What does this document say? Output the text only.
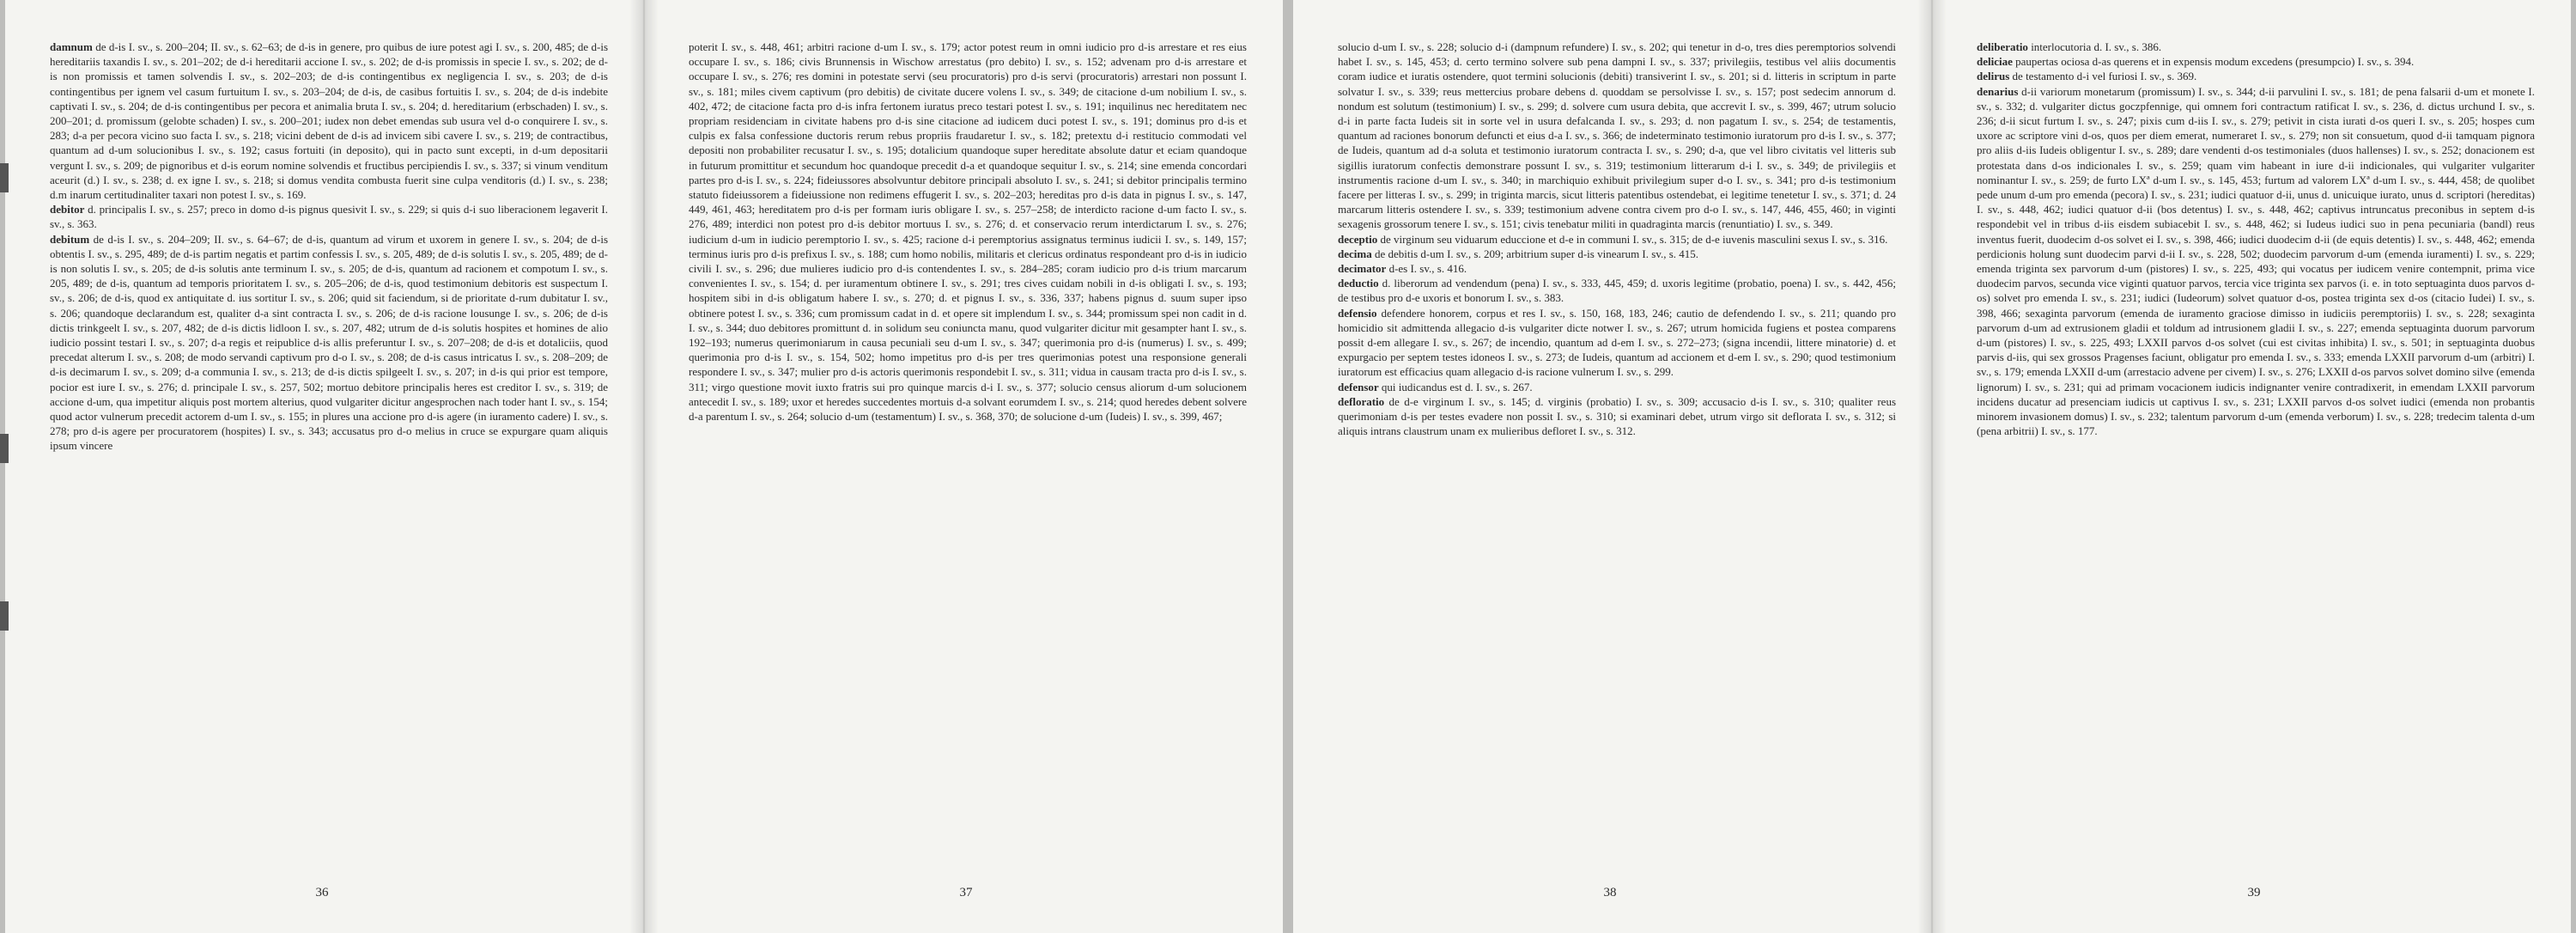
damnum de d-is I. sv., s. 200–204; II. sv., s. 62–63; de d-is in genere, pro quibus de iure potest agi I. sv., s. 200, 485; de d-is hereditariis taxandis I. sv., s. 201–202; de d-i hereditarii accione I. sv., s. 202; de d-is promissis in specie I. sv., s. 202; de d-is non promissis et tamen solvendis I. sv., s. 202–203; de d-is contingentibus ex negligencia I. sv., s. 203; de d-is contingentibus per ignem vel casum furtuitum I. sv., s. 203–204; de d-is, de casibus fortuitis I. sv., s. 204; de d-is indebite captivati I. sv., s. 204; de d-is contingentibus per pecora et animalia bruta I. sv., s. 204; d. hereditarium (erbschaden) I. sv., s. 200–201; d. promissum (gelobte schaden) I. sv., s. 200–201; iudex non debet emendas sub usura vel d-o conquirere I. sv., s. 283; d-a per pecora vicino suo facta I. sv., s. 218; vicini debent de d-is ad invicem sibi cavere I. sv., s. 219; de contractibus, quantum ad d-um solucionibus I. sv., s. 192; casus fortuiti (in deposito), qui in pacto sunt excepti, in d-um depositarii vergunt I. sv., s. 209; de pignoribus et d-is eorum nomine solvendis et fructibus percipiendis I. sv., s. 337; si vinum venditum aceurit (d.) I. sv., s. 238; d. ex igne I. sv., s. 218; si domus vendita combusta fuerit sine culpa venditoris (d.) I. sv., s. 238; d.m inarum certitudinaliter taxari non potest I. sv., s. 169.

debitor d. principalis I. sv., s. 257; preco in domo d-is pignus quesivit I. sv., s. 229; si quis d-i suo liberacionem legaverit I. sv., s. 363.

debitum de d-is I. sv., s. 204–209; II. sv., s. 64–67; de d-is, quantum ad virum et uxorem in genere I. sv., s. 204; de d-is obtentis I. sv., s. 295, 489; de d-is partim negatis et partim confessis I. sv., s. 205, 489; de d-is solutis I. sv., s. 205, 489; de d-is non solutis I. sv., s. 205; de d-is solutis ante terminum I. sv., s. 205; de d-is, quantum ad racionem et compotum I. sv., s. 205, 489; de d-is, quantum ad temporis prioritatem I. sv., s. 205–206; de d-is, quod testimonium debitoris est suspectum I. sv., s. 206; de d-is, quod ex antiquitate d. ius sortitur I. sv., s. 206; quid sit faciendum, si de prioritate d-rum dubitatur I. sv., s. 206; quandoque declarandum est, qualiter d-a sint contracta I. sv., s. 206; de d-is racione lousunge I. sv., s. 206; de d-is dictis trinkgeelt I. sv., s. 207, 482; de d-is dictis lidloon I. sv., s. 207, 482; utrum de d-is solutis hospites et homines de alio iudicio possint testari I. sv., s. 207; d-a regis et reipublice d-is allis preferuntur I. sv., s. 207–208; de d-is et dotaliciis, quod precedat alterum I. sv., s. 208; de modo servandi captivum pro d-o I. sv., s. 208; de d-is casus intricatus I. sv., s. 208–209; de d-is decimarum I. sv., s. 209; d-a communia I. sv., s. 213; de d-is dictis spilgeelt I. sv., s. 207; in d-is qui prior est tempore, pocior est iure I. sv., s. 276; d. principale I. sv., s. 257, 502; mortuo debitore principalis heres est creditor I. sv., s. 319; de accione d-um, qua impetitur aliquis post mortem alterius, quod vulgariter dicitur angesprochen nach toder hant I. sv., s. 154; quod actor vulnerum precedit actorem d-um I. sv., s. 155; in plures una accione pro d-is agere (in iuramento cadere) I. sv., s. 278; pro d-is agere per procuratorem (hospites) I. sv., s. 343; accusatus pro d-o melius in cruce se expurgare quam aliquis ipsum vincere

36

poterit I. sv., s. 448, 461; arbitri racione d-um I. sv., s. 179; actor potest reum in omni iudicio pro d-is arrestare et res eius occupare I. sv., s. 186; civis Brunnensis in Wischow arrestatus (pro debito) I. sv., s. 152; advenam pro d-is arrestare et occupare I. sv., s. 276; res domini in potestate servi (seu procuratoris) pro d-is servi (procuratoris) arrestari non possunt I. sv., s. 181; miles civem captivum (pro debitis) de civitate ducere volens I. sv., s. 349; de citacione d-um nobilium I. sv., s. 402, 472; de citacione facta pro d-is infra fertonem iuratus preco testari potest I. sv., s. 191; inquilinus nec hereditatem nec propriam residenciam in civitate habens pro d-is sine citacione ad iudicem duci potest I. sv., s. 191; dominus pro d-is et culpis ex falsa confessione ductoris rerum rebus propriis fraudaretur I. sv., s. 182; pretextu d-i restitucio commodati vel depositi non probabiliter recusatur I. sv., s. 195; dotalicium quandoque super hereditate absolute datur et eciam quandoque in futurum promittitur et secundum hoc quandoque precedit d-a et quandoque sequitur I. sv., s. 214; sine emenda concordari partes pro d-is I. sv., s. 224; fideiussores absolvuntur debitore principali absoluto I. sv., s. 241; si debitor principalis termino statuto fideiussorem a fideiussione non redimens effugerit I. sv., s. 202–203; hereditas pro d-is data in pignus I. sv., s. 147, 449, 461, 463; hereditatem pro d-is per formam iuris obligare I. sv., s. 257–258; de interdicto racione d-um facto I. sv., s. 276, 489; interdici non potest pro d-is debitor mortuus I. sv., s. 276; d. et conservacio rerum interdictarum I. sv., s. 276; iudicium d-um in iudicio peremptorio I. sv., s. 425; racione d-i peremptorius assignatus terminus iudicii I. sv., s. 149, 157; terminus iuris pro d-is prefixus I. sv., s. 188; cum homo nobilis, militaris et clericus ordinatus respondeant pro d-is in iudicio civili I. sv., s. 296; due mulieres iudicio pro d-is contendentes I. sv., s. 284–285; coram iudicio pro d-is trium marcarum convenientes I. sv., s. 154; d. per iuramentum obtinere I. sv., s. 291; tres cives cuidam nobili in d-is obligati I. sv., s. 193; hospitem sibi in d-is obligatum habere I. sv., s. 270; d. et pignus I. sv., s. 336, 337; habens pignus d. suum super ipso obtinere potest I. sv., s. 336; cum promissum cadat in d. et opere sit implendum I. sv., s. 344; promissum spei non cadit in d. I. sv., s. 344; duo debitores promittunt d. in solidum seu coniuncta manu, quod vulgariter dicitur mit gesampter hant I. sv., s. 192–193; numerus querimoniarum in causa pecuniali seu d-um I. sv., s. 347; querimonia pro d-is (numerus) I. sv., s. 499; querimonia pro d-is I. sv., s. 154, 502; homo impetitus pro d-is per tres querimonias potest una responsione generali respondere I. sv., s. 347; mulier pro d-is actoris querimonis respondebit I. sv., s. 311; vidua in causam tracta pro d-is I. sv., s. 311; virgo questione movit iuxto fratris sui pro quinque marcis d-i I. sv., s. 377; solucio census aliorum d-um solucionem antecedit I. sv., s. 189; uxor et heredes succedentes mortuis d-a solvant eorumdem I. sv., s. 214; quod heredes debent solvere d-a parentum I. sv., s. 264; solucio d-um (testamentum) I. sv., s. 368, 370; de solucione d-um (Iudeis) I. sv., s. 399, 467;

37

solucio d-um I. sv., s. 228; solucio d-i (dampnum refundere) I. sv., s. 202; qui tenetur in d-o, tres dies peremptorios solvendi habet I. sv., s. 145, 453; d. certo termino solvere sub pena dampni I. sv., s. 337; privilegiis, testibus vel aliis documentis coram iudice et iuratis ostendere, quot termini solucionis (debiti) transiverint I. sv., s. 201; si d. litteris in scriptum in parte solvatur I. sv., s. 339; reus mettercius probare debens d. quoddam se persolvisse I. sv., s. 157; post sedecim annorum d. nondum est solutum (testimonium) I. sv., s. 299; d. solvere cum usura debita, que accrevit I. sv., s. 399, 467; utrum solucio d-i in parte facta Iudeis sit in sorte vel in usura defalcanda I. sv., s. 293; d. non pagatum I. sv., s. 254; de testamentis, quantum ad raciones bonorum defuncti et eius d-a I. sv., s. 366; de indeterminato testimonio iuratorum pro d-is I. sv., s. 377; de Iudeis, quantum ad d-a soluta et testimonio iuratorum contracta I. sv., s. 290; d-a, que vel libro civitatis vel litteris sub sigillis iuratorum confectis demonstrare possunt I. sv., s. 319; testimonium litterarum d-i I. sv., s. 349; de privilegiis et instrumentis racione d-um I. sv., s. 340; in marchiquio exhibuit privilegium super d-o I. sv., s. 341; pro d-is testimonium facere per litteras I. sv., s. 299; in triginta marcis, sicut litteris patentibus ostendebat, ei legitime tenetetur I. sv., s. 371; d. 24 marcarum litteris ostendere I. sv., s. 339; testimonium advene contra civem pro d-o I. sv., s. 147, 446, 455, 460; in viginti sexagenis grossorum tenere I. sv., s. 151; civis tenebatur militi in quadraginta marcis (renuntiatio) I. sv., s. 349.

deceptio de virginum seu viduarum educcione et d-e in communi I. sv., s. 315; de d-e iuvenis masculini sexus I. sv., s. 316.

decima de debitis d-um I. sv., s. 209; arbitrium super d-is vinearum I. sv., s. 415.

decimator d-es I. sv., s. 416.

deductio d. liberorum ad vendendum (pena) I. sv., s. 333, 445, 459; d. uxoris legitime (probatio, poena) I. sv., s. 442, 456; de testibus pro d-e uxoris et bonorum I. sv., s. 383.

defensio defendere honorem, corpus et res I. sv., s. 150, 168, 183, 246; cautio de defendendo I. sv., s. 211; quando pro homicidio sit admittenda allegacio d-is vulgariter dicte notwer I. sv., s. 267; utrum homicida fugiens et postea comparens possit d-em allegare I. sv., s. 267; de incendio, quantum ad d-em I. sv., s. 272–273; (signa incendii, littere minatorie) d. et expurgacio per septem testes idoneos I. sv., s. 273; de Iudeis, quantum ad accionem et d-em I. sv., s. 290; quod testimonium iuratorum est efficacius quam allegacio d-is racione vulnerum I. sv., s. 299.

defensor qui iudicandus est d. I. sv., s. 267.

defloratio de d-e virginum I. sv., s. 145; d. virginis (probatio) I. sv., s. 309; accusacio d-is I. sv., s. 310; qualiter reus querimoniam d-is per testes evadere non possit I. sv., s. 310; si examinari debet, utrum virgo sit deflorata I. sv., s. 312; si aliquis intrans claustrum unam ex mulieribus defloret I. sv., s. 312.

38

deliberatio interlocutoria d. I. sv., s. 386.

deliciae paupertas ociosa d-as querens et in expensis modum excedens (presumpcio) I. sv., s. 394.

delirus de testamento d-i vel furiosi I. sv., s. 369.

denarius d-ii variorum monetarum (promissum) I. sv., s. 344; d-ii parvulini I. sv., s. 181; de pena falsarii d-um et monete I. sv., s. 332; d. vulgariter dictus goczpfennige, qui omnem fori contractum ratificat I. sv., s. 236, d. dictus urchund I. sv., s. 236; d-ii sicut furtum I. sv., s. 247; pixis cum d-iis I. sv., s. 279; petivit in cista iurati d-os queri I. sv., s. 205; hospes cum uxore ac scriptore vini d-os, quos per diem emerat, numeraret I. sv., s. 279; non sit consuetum, quod d-ii tamquam pignora pro aliis d-iis Iudeis obligentur I. sv., s. 289; dare vendenti d-os testimoniales (duos hallenses) I. sv., s. 252; donacionem est protestata dans d-os indicionales I. sv., s. 259; quam vim habeant in iure d-ii indicionales, qui vulgariter vulgariter nominantur I. sv., s. 259; de furto LXª d-um I. sv., s. 145, 453; furtum ad valorem LXª d-um I. sv., s. 444, 458; de quolibet pede unum d-um pro emenda (pecora) I. sv., s. 231; iudici quatuor d-ii, unus d. unicuique iurato, unus d. scriptori (hereditas) I. sv., s. 448, 462; iudici quatuor d-ii (bos detentus) I. sv., s. 448, 462; captivus intruncatus preconibus in septem d-is respondebit vel in tribus d-iis eisdem subiacebit I. sv., s. 448, 462; si Iudeus iudici suo in pena pecuniaria (bandl) reus inventus fuerit, duodecim d-os solvet ei I. sv., s. 398, 466; iudici duodecim d-ii (de equis detentis) I. sv., s. 448, 462; emenda perdicionis holung sunt duodecim parvi d-ii I. sv., s. 228, 502; duodecim parvorum d-um (emenda iuramenti) I. sv., s. 229; emenda triginta sex parvorum d-um (pistores) I. sv., s. 225, 493; qui vocatus per iudicem venire contempnit, prima vice duodecim parvos, secunda vice viginti quatuor parvos, tercia vice triginta sex parvos (i. e. in toto septuaginta duos parvos d-os) solvet pro emenda I. sv., s. 231; iudici (Iudeorum) solvet quatuor d-os, postea triginta sex d-os (citacio Iudei) I. sv., s. 398, 466; sexaginta parvorum (emenda de iuramento graciose dimisso in iudiciis peremptoriis) I. sv., s. 228; sexaginta parvorum d-um ad extrusionem gladii et toldum ad intrusionem gladii I. sv., s. 227; emenda septuaginta duorum parvorum d-um (pistores) I. sv., s. 225, 493; LXXII parvos d-os solvet (cui est civitas inhibita) I. sv., s. 501; in septuaginta duobus parvis d-iis, qui sex grossos Pragenses faciunt, obligatur pro emenda I. sv., s. 333; emenda LXXII parvorum d-um (arbitri) I. sv., s. 179; emenda LXXII d-um (arrestacio advene per civem) I. sv., s. 276; LXXII d-os parvos solvet domino silve (emenda lignorum) I. sv., s. 231; qui ad primam vocacionem iudicis indignanter venire contradixerit, in emendam LXXII parvorum incidens ducatur ad presenciam iudicis ut captivus I. sv., s. 231; LXXII parvos d-os solvet iudici (emenda non probantis minorem invasionem domus) I. sv., s. 232; talentum parvorum d-um (emenda verborum) I. sv., s. 228; tredecim talenta d-um (pena arbitrii) I. sv., s. 177.

39
